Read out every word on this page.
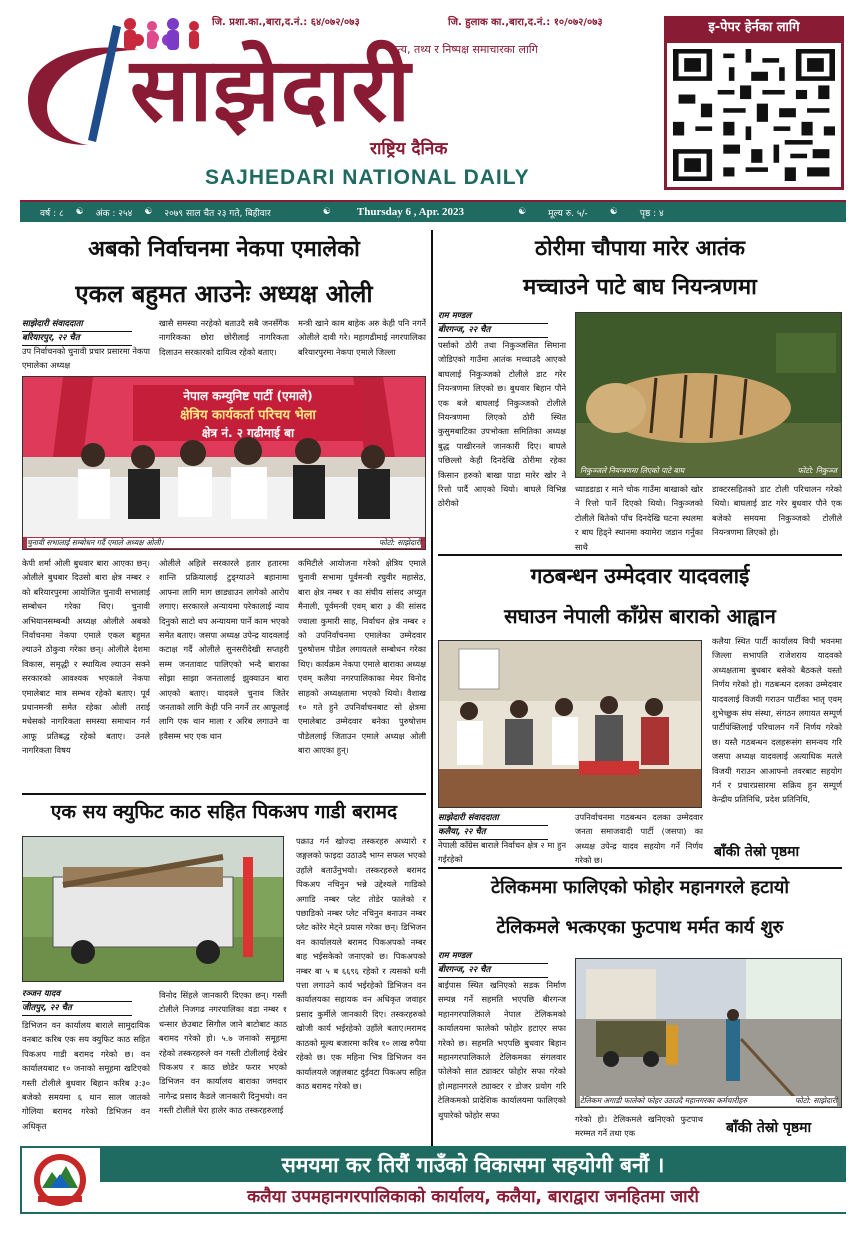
जि. प्रशा.का.,बारा,द.नं.: ६४/०७२/०७३	जि. हुलाक का.,बारा,द.नं.: १०/०७२/०७३
साझेदारी
सत्य, तथ्य र निष्पक्ष समाचारका लागि
राष्ट्रिय दैनिक
SAJHEDARI NATIONAL DAILY
इ-पेपर हेर्नका लागि
वर्ष : ८ ☯ अंक : २५४ ☯ २०७९ साल चैत २३ गते, बिहीवार	☯ Thursday 6 , Apr. 2023	☯ मूल्य रु. ५/- ☯ पृष्ठ : ४
अबको निर्वाचनमा नेकपा एमालेको
एकल बहुमत आउनेः अध्यक्ष ओली
साझेदारी संवाददाता
बरियारपुर, २२ चैत
उप निर्वाचनको चुनावी प्रचार प्रसारमा नेकपा एमालेका अध्यक्ष
खासै समस्या नरहेको बताउदै सबै जनसँगैक नागरिकका छोरा छोरीलाई नागरिकता दिलाउन सरकारको दायित्व रहेको बताए।
मन्त्री खाने काम बाहेक अरु केही पनि नगर्ने ओलीले दावी गरे। महागढीमाई नगरपालिका बरियारपुरमा नेकपा एमाले जिल्ला
नेपाल कम्युनिष्ट पार्टी (एमाले)
क्षेत्रिय कार्यकर्ता परिचय भेला
क्षेत्र नं. २ गढीमाई बा
चुनावी सभालाई सम्बोधन गर्दै एमाले अध्यक्ष ओली।	फोटो: साझेदारी
केपी शर्मा ओली बुधवार बारा आएका छन्। ओलीले बुधबार दिउसो बारा क्षेत्र नम्बर २ को बरियारपुरमा आयोजित चुनावी सभालाई सम्बोधन गरेका थिए। चुनावी अभियानसम्बन्धी अध्यक्ष ओलीले अबको निर्वाचनमा नेकपा एमाले एकल बहुमत ल्याउने ठोकुवा गरेका छन्। ओलीले देशमा विकास, समृद्धी र स्थायित्व ल्याउन सक्ने सरकारको आवश्यक भएकाले नेकपा एमालेबाट मात्र सम्भव रहेको बताए। पूर्व प्रधानमन्त्री समेत रहेका ओली तराई मधेसको नागरिकता समस्या समाधान गर्न आफू प्रतिबद्ध रहेको बताए। उनले नागरिकता विषय
ओलीले अहिले सरकारले हतार हतारमा शान्ति प्रक्रियालाई टुङ्ग्याउने बहानामा आफ्ना लागि माग छाड्याउन लागेको आरोप लगाए। सरकारले अन्यायमा परेकालाई न्याय दिनुको साटो थप अन्यायमा पार्ने काम भएको समेत बताए। जसपा अध्यक्ष उपेन्द्र यादवलाई कटाक्ष गर्दै ओलीले सुनसरीदेखी सप्तहरी सम्म जनतावाट पालिएको भन्दै बाराका सोझा साझा जनतालाई झुक्याउन बारा आएको बताए। यादवले चुनाव जितेर जनताको लागि केही पनि नगर्ने तर आफूलाई लागि एक थान माला र अरिब लगाउने वा हवैसम्म भए एक थान
कमिटीले आयोजना गरेको क्षेत्रिय एमाले चुनावी सभामा पूर्वमन्त्री रघुवीर महासेठ, बारा क्षेत्र नम्बर १ का संघीय सांसद अच्युत मैनाली, पूर्वमन्त्री एवम् बारा ३ की सांसद ज्वाला कुमारी साह, निर्वाचन क्षेत्र नम्बर २ को उपनिर्वाचनमा एमालेका उम्मेदवार पुरुषोत्तम पौडेल लगायतले सम्बोधन गरेका थिए। कार्यक्रम नेकपा एमाले बाराका अध्यक्ष एवम् कलैया नगरपालिकाका मेयर विनोद साहको अध्यक्षतामा भएको थियो। वैशाख १० गते हुने उपनिर्वाचनबाट सो क्षेत्रमा एमालेबाट उम्मेदवार बनेका पुरुषोत्तम पौडेललाई जिताउन एमाले अध्यक्ष ओली बारा आएका हुन्।
एक सय क्युफिट काठ सहित पिकअप गाडी बरामद
रञ्जन यादव
जीतपुर, २२ चैत
डिभिजन वन कार्यालय बाराले सामुदायिक वनबाट करिब एक सय क्युफिट काठ सहित पिकअप गाडी बरामद गरेको छ। वन कार्यालयबाट १० जनाको समूहमा खटिएको गस्ती टोलीले बुधवार बिहान करिब ३:३० बजेको समयमा ६ थान साल जातको गोलिया बरामद गरेको डिभिजन वन अधिकृत
विनोद सिंहले जानकारी दिएका छन्। गस्ती टोलीले निजगढ नगरपालिका वडा नम्बर १ धन्सार छेउबाट सिगौल जाने बाटोबाट काठ बरामद गरेको हो। ५.७ जनाको समूहमा रहेको तस्करहरुले वन गस्ती टोलीलाई देखेर पिकअप र काठ छोडेर फरार भएको डिभिजन वन कार्यालय बाराका जमदार नागेन्द्र प्रसाद कैडले जानकारी दिनुभयो। वन गस्ती टोलीले घेरा हालेर काठ तस्करहरुलाई
पक्राउ गर्न खोज्दा तस्करहरु अध्यारो र जङ्गलको फाइदा उठाउदै भाग्न सफल भएको उहाँले बताउँनुभयो। तस्करहरुले बरामद पिकअप नचिनुन भन्ने उद्देश्यले गाडिको अगाडि नम्बर प्लेट तोडेर फालेको र पछाडिको नम्बर प्लेट नचिनुन बनाउन नम्बर प्लेट कोरेर मेट्ने प्रयास गरेका छन्। डिभिजन वन कार्यालयले बरामद पिकअपको नम्बर बाह भईसकेको जनाएको छ। पिकअपको नम्बर बा ५ ब ६६९६ रहेको र त्यसको धनी पत्ता लगाउने कार्य भईरहेको डिभिजन वन कार्यालयका सहायक वन अधिकृत जवाहर प्रसाद कुर्मीले जानकारी दिए। तस्करहरुको खोजी कार्य भईरहेको उहाँले बताए।मरामद काठको मूल्य बजारमा करिब १० लाख रुपैया रहेको छ। एक महिना भित्र डिभिजन वन कार्यालयले जङ्गलबाट दुईवटा पिकअप सहित काठ बरामद गरेको छ।
ठोरीमा चौपाया मारेर आतंक
मच्चाउने पाटे बाघ नियन्त्रणमा
राम मण्डल
बीरगन्ज, २२ चैत
पर्साको ठोरी तथा निकुञ्जसित सिमाना जोडिएको गाउँमा आतंक मच्चाउदै आएको बाघलाई निकुञ्जको टोलीले डाट गरेर नियन्त्रणमा लिएको छ। बुधवार बिहान पौने एक बजे बाघलाई निकुञ्जको टोलीले नियन्त्रणमा लिएको ठोरी स्थित कुसुमबाटिका उपभोक्ता समितिका अध्यक्ष बुद्ध पाखीरनले जानकारी दिए। बाघले पछिल्लो केही दिनदेखि ठोरीमा रहेका किसान हरुको बाखा पाडा मारेर खोर ने रित्तो पार्दै आएको थियो। बाघले विभिन्न ठोरीको
निकुञ्जले नियन्त्रणमा लिएको पाटे बाघ	फोटो: निकुञ्ज
ध्याडडाडा र माने चोक गाउँमा बाखाको खोर ने रित्तो पार्ने दिएको थियो। निकुञ्जको टोलीले बितेको पाँच दिनदेखि घटना स्थलमा र बाघ हिड्ने स्थानमा क्यामेरा जडान गर्नुका साथै
डाक्टरसहितको डाट टोली परिचालन गरेको थियो। बाघलाई डाट गरेर बुधवार पौने एक बजेको समयमा निकुञ्जको टोलीले नियन्त्रणमा लिएको हो।
गठबन्धन उम्मेदवार यादवलाई
सघाउन नेपाली काँग्रेस बाराको आह्वान
कलैया स्थित पार्टी कार्यालय विपी भवनमा जिल्ला सभापति राजेशराय यादवको अध्यक्षतामा बुधबार बसेको बैठकले यस्तो निर्णय गरेको हो। गठबन्धन दलका उम्मेदवार यादवलाई विजयी गराउन पार्टीका भातृ एवम् शुभेच्छुक संघ संस्था, संगठन लगायत सम्पूर्ण पार्टीपंक्तिलाई परिचालन गर्ने निर्णय गरेको छ। यस्तै गठबन्धन दलहरूसंग समन्वय गरि जसपा अध्यक्ष यादवलाई अत्याधिक मतले विजयी गराउन आआफ्नो तवरबाट सहयोग गर्न र प्रचारप्रसारमा सक्रिय हुन सम्पूर्ण केन्द्रीय प्रतिनिधि, प्रदेश प्रतिनिधि,
साझेदारी संवाददाता
कलैया, २२ चैत
नेपाली काँग्रेस बाराले निर्वाचन क्षेत्र २ मा हुन गईरहेको
उपनिर्वाचनमा गठबन्धन दलका उम्मेदवार जनता समाजवादी पार्टी (जसपा) का अध्यक्ष उपेन्द्र यादव सहयोग गर्ने निर्णय गरेको छ।
बाँकी तेस्रो पृष्ठमा
टेलिकममा फालिएको फोहोर महानगरले हटायो
टेलिकमले भत्कएका फुटपाथ मर्मत कार्य शुरु
राम मण्डल
बीरगन्ज, २२ चैत
बाईपास स्थित खनिएको सडक निर्माण सम्पन्न गर्ने सहमति भएपछि बीरगन्ज महानगरपालिकाले नेपाल टेलिकमको कार्यालयमा फालेको फोहोर हटाएर सफा गरेको छ। सहमति भएपछि बुधवार बिहान महानगरपालिकाले टेलिकमका संगलवार फोलेको सात ट्याक्टर फोहोर सफा गरेको हो।महानगरले ट्याक्टर र डोजर प्रयोग गरि टेलिकमको प्रादेशिक कार्यालयमा फालिएको थुपारेको फोहोर सफा
टेलिकम अगाडी फालेको फोहर उठाउदै महानगरका कर्मचारीहरु	फोटो: साझेदारी
गरेको हो। टेलिकमले खनिएको फुटपाथ मरम्मत गर्ने तथा एक	बाँकी तेस्रो पृष्ठमा
समयमा कर तिरौं गाउँको विकासमा सहयोगी बनौं ।
कलैया उपमहानगरपालिकाको कार्यालय, कलैया, बाराद्वारा जनहितमा जारी
